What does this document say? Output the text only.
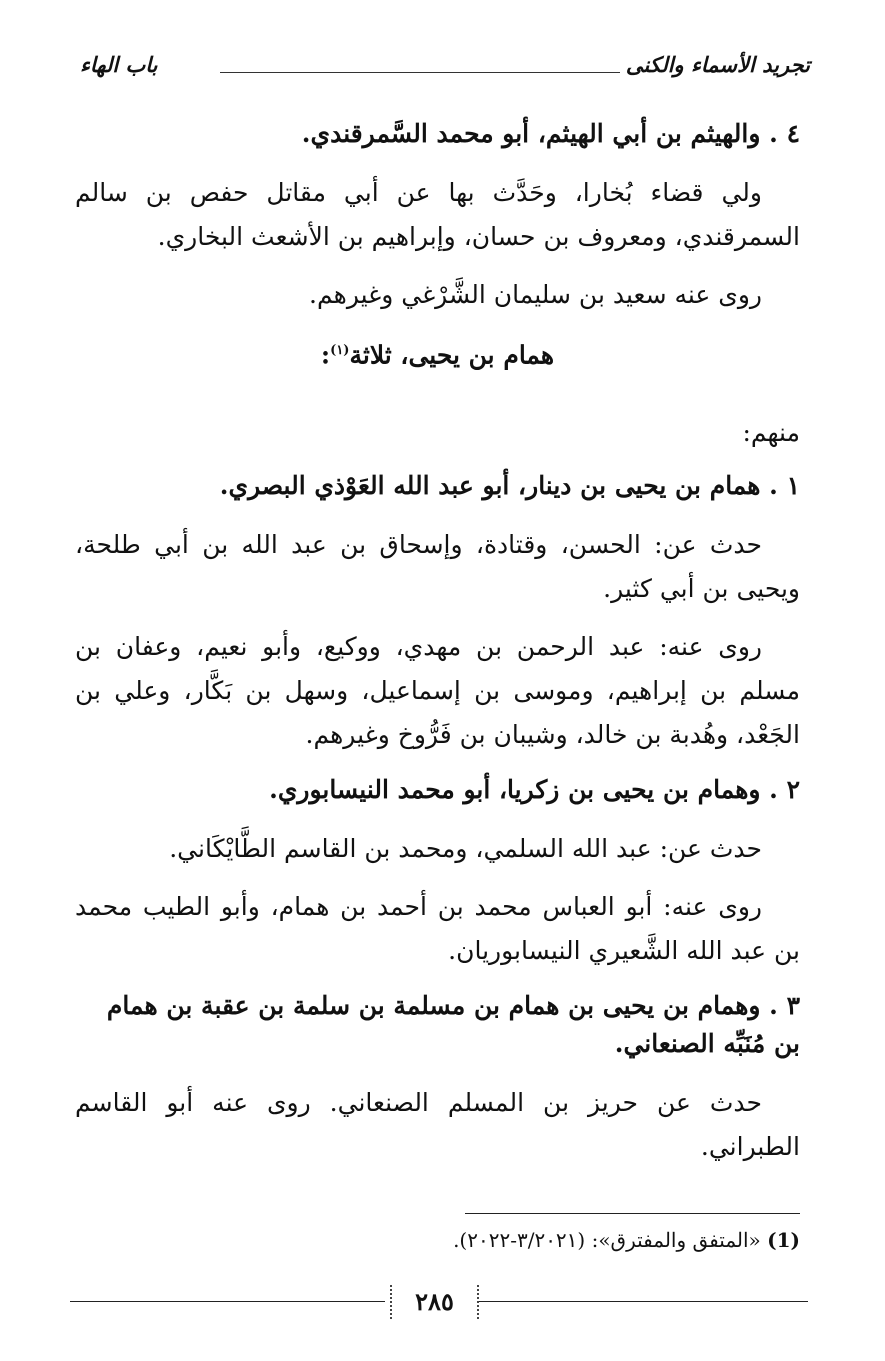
تجريد الأسماء والكنى
باب الهاء
٤ . والهيثم بن أبي الهيثم، أبو محمد السَّمرقندي.

ولي قضاء بُخارا، وحَدَّث بها عن أبي مقاتل حفص بن سالم السمرقندي، ومعروف بن حسان، وإبراهيم بن الأشعث البخاري.

روى عنه سعيد بن سليمان الشَّرْغي وغيرهم.

همام بن يحيى، ثلاثة$^{(١)}$:
منهم:
١ . همام بن يحيى بن دينار، أبو عبد الله العَوْذي البصري.

حدث عن: الحسن، وقتادة، وإسحاق بن عبد الله بن أبي طلحة، ويحيى بن أبي كثير.

روى عنه: عبد الرحمن بن مهدي، ووكيع، وأبو نعيم، وعفان بن مسلم بن إبراهيم، وموسى بن إسماعيل، وسهل بن بَكَّار، وعلي بن الجَعْد، وهُدبة بن خالد، وشيبان بن فَرُّوخ وغيرهم.

٢ . وهمام بن يحيى بن زكريا، أبو محمد النيسابوري.

حدث عن: عبد الله السلمي، ومحمد بن القاسم الطَّايْكَاني.

روى عنه: أبو العباس محمد بن أحمد بن همام، وأبو الطيب محمد بن عبد الله الشَّعيري النيسابوريان.

٣ . وهمام بن يحيى بن همام بن مسلمة بن سلمة بن عقبة بن همام بن مُنَبِّه الصنعاني.

حدث عن حريز بن المسلم الصنعاني. روى عنه أبو القاسم الطبراني.

(1) «المتفق والمفترق»: (٣/٢٠٢١-٢٠٢٢).
٢٨٥
